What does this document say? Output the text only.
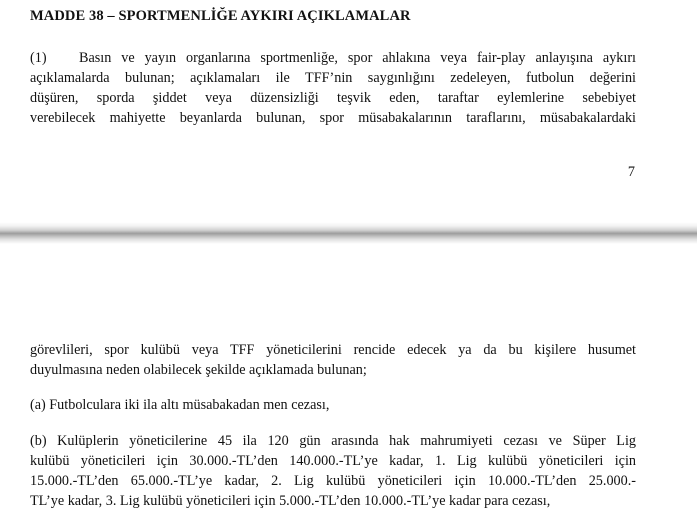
MADDE 38 – SPORTMENLİĞE AYKIRI AÇIKLAMALAR
(1) Basın ve yayın organlarına sportmenliğe, spor ahlakına veya fair-play anlayışına aykırı
açıklamalarda bulunan; açıklamaları ile TFF’nin saygınlığını zedeleyen, futbolun değerini
düşüren, sporda şiddet veya düzensizliği teşvik eden, taraftar eylemlerine sebebiyet
verebilecek mahiyette beyanlarda bulunan, spor müsabakalarının taraflarını, müsabakalardaki
7
görevlileri, spor kulübü veya TFF yöneticilerini rencide edecek ya da bu kişilere husumet
duyulmasına neden olabilecek şekilde açıklamada bulunan;
(a) Futbolculara iki ila altı müsabakadan men cezası,
(b) Kulüplerin yöneticilerine 45 ila 120 gün arasında hak mahrumiyeti cezası ve Süper Lig
kulübü yöneticileri için 30.000.-TL’den 140.000.-TL’ye kadar, 1. Lig kulübü yöneticileri için
15.000.-TL’den 65.000.-TL’ye kadar, 2. Lig kulübü yöneticileri için 10.000.-TL’den 25.000.-
TL’ye kadar, 3. Lig kulübü yöneticileri için 5.000.-TL’den 10.000.-TL’ye kadar para cezası,
